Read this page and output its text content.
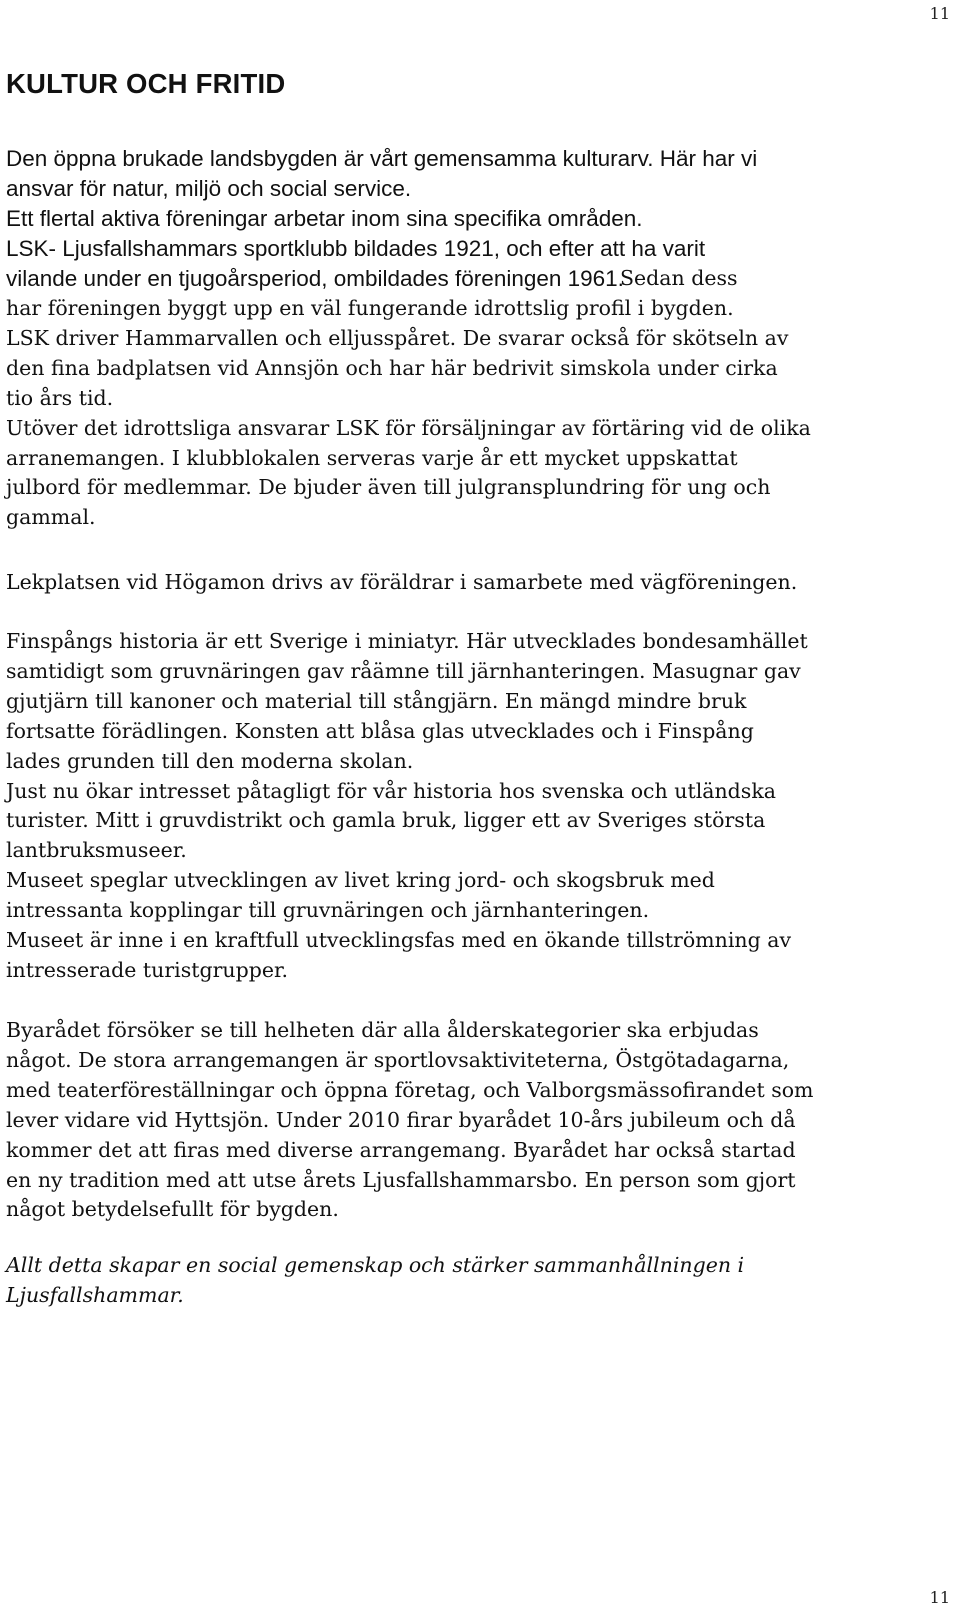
11
KULTUR OCH FRITID
Den öppna brukade landsbygden är vårt gemensamma kulturarv. Här har vi
ansvar för natur, miljö och social service.
Ett flertal aktiva föreningar arbetar inom sina specifika områden.
LSK- Ljusfallshammars sportklubb bildades 1921, och efter att ha varit
vilande under en tjugoårsperiod, ombildades föreningen 1961.
Sedan dess
har föreningen byggt upp en väl fungerande idrottslig profil i bygden.
LSK driver Hammarvallen och elljusspåret. De svarar också för skötseln av
den fina badplatsen vid Annsjön och har här bedrivit simskola under cirka
tio års tid.
Utöver det idrottsliga ansvarar LSK för försäljningar av förtäring vid de olika
arranemangen. I klubblokalen serveras varje år ett mycket uppskattat
julbord för medlemmar. De bjuder även till julgransplundring för ung och
gammal.
Lekplatsen vid Högamon drivs av föräldrar i samarbete med vägföreningen.
Finspångs historia är ett Sverige i miniatyr. Här utvecklades bondesamhället
samtidigt som gruvnäringen gav råämne till järnhanteringen. Masugnar gav
gjutjärn till kanoner och material till stångjärn. En mängd mindre bruk
fortsatte förädlingen. Konsten att blåsa glas utvecklades och i Finspång
lades grunden till den moderna skolan.
Just nu ökar intresset påtagligt för vår historia hos svenska och utländska
turister. Mitt i gruvdistrikt och gamla bruk, ligger ett av Sveriges största
lantbruksmuseer.
Museet speglar utvecklingen av livet kring jord- och skogsbruk med
intressanta kopplingar till gruvnäringen och järnhanteringen.
Museet är inne i en kraftfull utvecklingsfas med en ökande tillströmning av
intresserade turistgrupper.
Byarådet försöker se till helheten där alla ålderskategorier ska erbjudas
något. De stora arrangemangen är sportlovsaktiviteterna, Östgötadagarna,
med teaterföreställningar och öppna företag, och Valborgsmässofirandet som
lever vidare vid Hyttsjön. Under 2010 firar byarådet 10-års jubileum och då
kommer det att firas med diverse arrangemang. Byarådet har också startad
en ny tradition med att utse årets Ljusfallshammarsbo. En person som gjort
något betydelsefullt för bygden.
Allt detta skapar en social gemenskap och stärker sammanhållningen i
Ljusfallshammar.
11
